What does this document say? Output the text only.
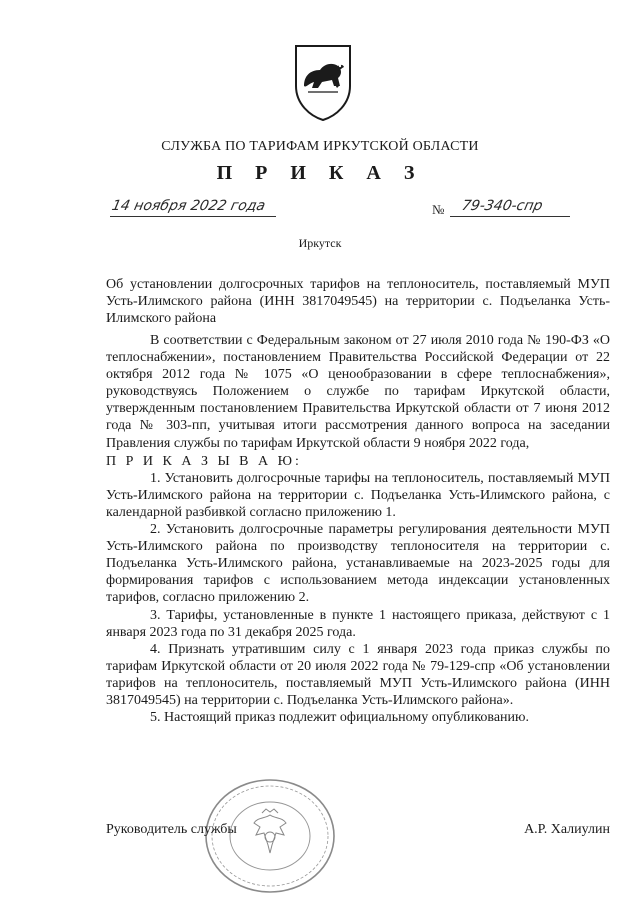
СЛУЖБА ПО ТАРИФАМ ИРКУТСКОЙ ОБЛАСТИ
П Р И К А З
14 ноября 2022 года	№ 79-340-спр
Иркутск
Об установлении долгосрочных тарифов на теплоноситель, поставляемый МУП Усть-Илимского района (ИНН 3817049545) на территории с. Подъеланка Усть-Илимского района

В соответствии с Федеральным законом от 27 июля 2010 года № 190-ФЗ «О теплоснабжении», постановлением Правительства Российской Федерации от 22 октября 2012 года № 1075 «О ценообразовании в сфере теплоснабжения», руководствуясь Положением о службе по тарифам Иркутской области, утвержденным постановлением Правительства Иркутской области от 7 июня 2012 года № 303-пп, учитывая итоги рассмотрения данного вопроса на заседании Правления службы по тарифам Иркутской области 9 ноября 2022 года,

П Р И К А З Ы В А Ю:

1. Установить долгосрочные тарифы на теплоноситель, поставляемый МУП Усть-Илимского района на территории с. Подъеланка Усть-Илимского района, с календарной разбивкой согласно приложению 1.

2. Установить долгосрочные параметры регулирования деятельности МУП Усть-Илимского района по производству теплоносителя на территории с. Подъеланка Усть-Илимского района, устанавливаемые на 2023-2025 годы для формирования тарифов с использованием метода индексации установленных тарифов, согласно приложению 2.

3. Тарифы, установленные в пункте 1 настоящего приказа, действуют с 1 января 2023 года по 31 декабря 2025 года.

4. Признать утратившим силу с 1 января 2023 года приказ службы по тарифам Иркутской области от 20 июля 2022 года № 79-129-спр «Об установлении тарифов на теплоноситель, поставляемый МУП Усть-Илимского района (ИНН 3817049545) на территории с. Подъеланка Усть-Илимского района».

5. Настоящий приказ подлежит официальному опубликованию.

Руководитель службы	А.Р. Халиулин
